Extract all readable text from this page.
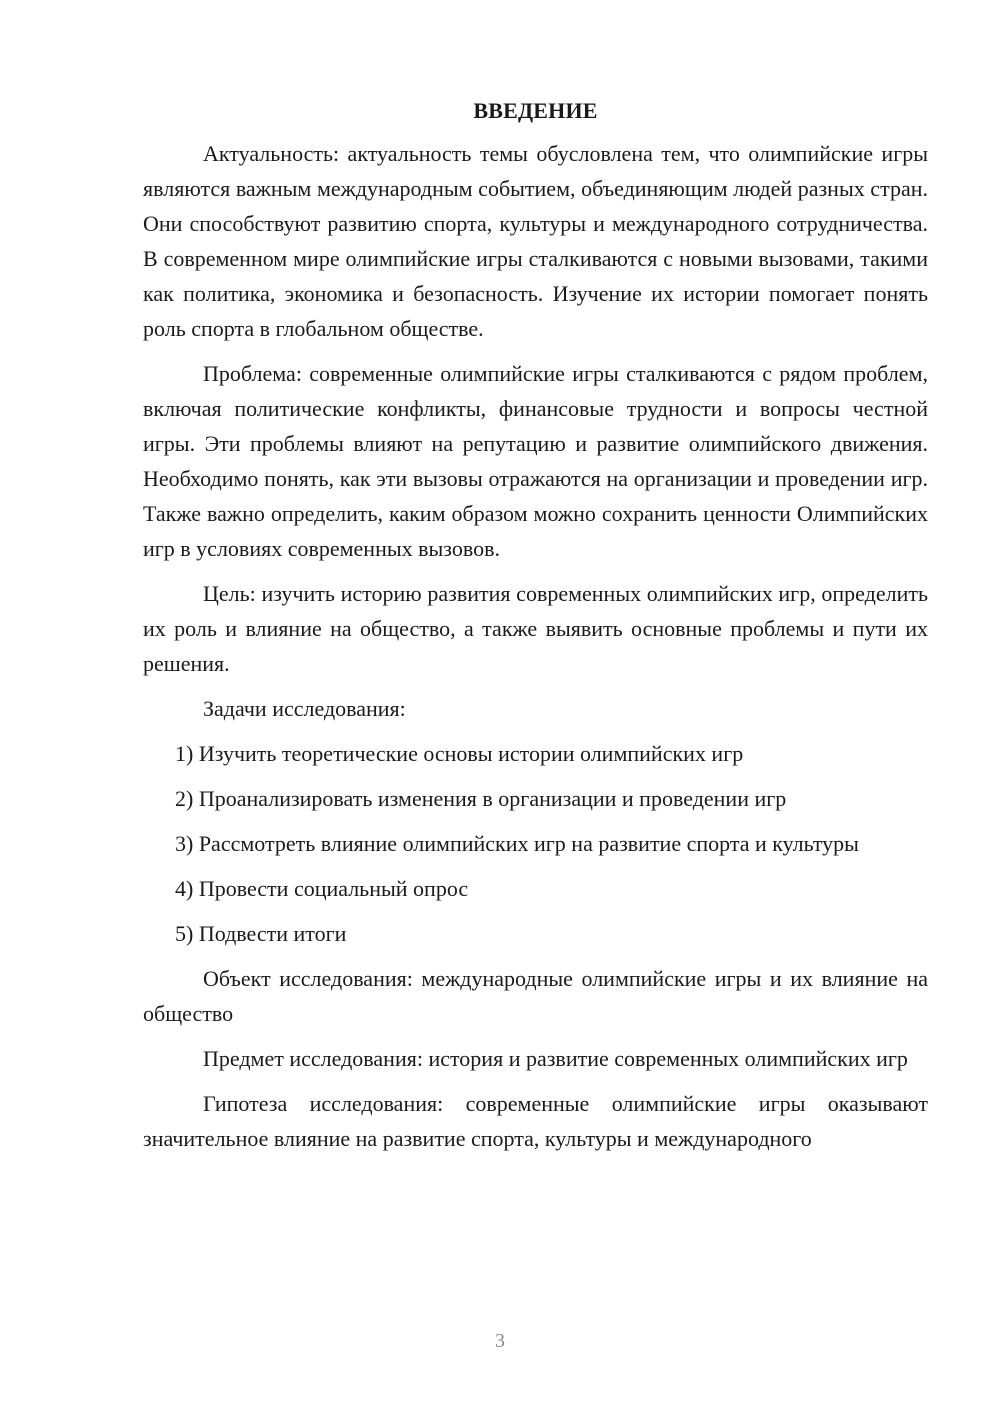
ВВЕДЕНИЕ

Актуальность: актуальность темы обусловлена тем, что олимпийские игры являются важным международным событием, объединяющим людей разных стран. Они способствуют развитию спорта, культуры и международного сотрудничества. В современном мире олимпийские игры сталкиваются с новыми вызовами, такими как политика, экономика и безопасность. Изучение их истории помогает понять роль спорта в глобальном обществе.

Проблема: современные олимпийские игры сталкиваются с рядом проблем, включая политические конфликты, финансовые трудности и вопросы честной игры. Эти проблемы влияют на репутацию и развитие олимпийского движения. Необходимо понять, как эти вызовы отражаются на организации и проведении игр. Также важно определить, каким образом можно сохранить ценности Олимпийских игр в условиях современных вызовов.

Цель: изучить историю развития современных олимпийских игр, определить их роль и влияние на общество, а также выявить основные проблемы и пути их решения.

Задачи исследования:

1) Изучить теоретические основы истории олимпийских игр

2) Проанализировать изменения в организации и проведении игр

3) Рассмотреть влияние олимпийских игр на развитие спорта и культуры

4) Провести социальный опрос

5) Подвести итоги

Объект исследования: международные олимпийские игры и их влияние на общество

Предмет исследования: история и развитие современных олимпийских игр

Гипотеза исследования: современные олимпийские игры оказывают значительное влияние на развитие спорта, культуры и международного

3
